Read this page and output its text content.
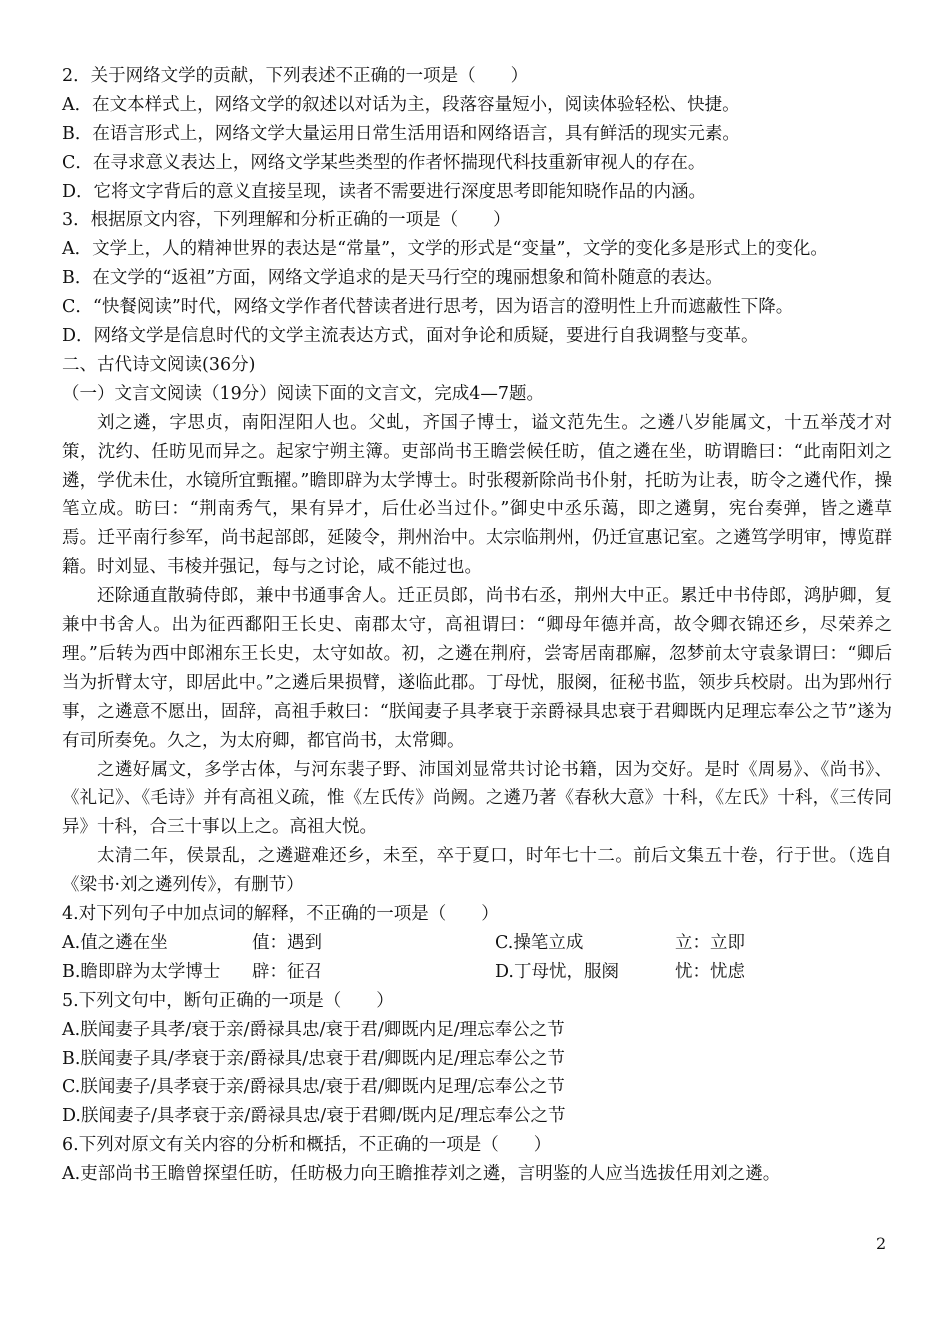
2．关于网络文学的贡献，下列表述不正确的一项是（　　）
A．在文本样式上，网络文学的叙述以对话为主，段落容量短小，阅读体验轻松、快捷。
B．在语言形式上，网络文学大量运用日常生活用语和网络语言，具有鲜活的现实元素。
C．在寻求意义表达上，网络文学某些类型的作者怀揣现代科技重新审视人的存在。
D．它将文字背后的意义直接呈现，读者不需要进行深度思考即能知晓作品的内涵。
3．根据原文内容，下列理解和分析正确的一项是（　　）
A．文学上，人的精神世界的表达是“常量”，文学的形式是“变量”，文学的变化多是形式上的变化。
B．在文学的“返祖”方面，网络文学追求的是天马行空的瑰丽想象和简朴随意的表达。
C．“快餐阅读”时代，网络文学作者代替读者进行思考，因为语言的澄明性上升而遮蔽性下降。
D．网络文学是信息时代的文学主流表达方式，面对争论和质疑，要进行自我调整与变革。
二、古代诗文阅读(36分)
（一）文言文阅读（19分）阅读下面的文言文，完成4—7题。
刘之遴，字思贞，南阳涅阳人也。父虬，齐国子博士，谥文范先生。之遴八岁能属文，十五举茂才对策，沈约、任昉见而异之。起家宁朔主簿。吏部尚书王瞻尝候任昉，值之遴在坐，昉谓瞻曰：“此南阳刘之遴，学优未仕，水镜所宜甄擢。”瞻即辟为太学博士。时张稷新除尚书仆射，托昉为让表，昉令之遴代作，操笔立成。昉曰：“荆南秀气，果有异才，后仕必当过仆。”御史中丞乐蔼，即之遴舅，宪台奏弹，皆之遴草焉。迁平南行参军，尚书起部郎，延陵令，荆州治中。太宗临荆州，仍迁宣惠记室。之遴笃学明审，博览群籍。时刘显、韦棱并强记，每与之讨论，咸不能过也。
还除通直散骑侍郎，兼中书通事舍人。迁正员郎，尚书右丞，荆州大中正。累迁中书侍郎，鸿胪卿，复兼中书舍人。出为征西鄱阳王长史、南郡太守，高祖谓曰：“卿母年德并高，故令卿衣锦还乡，尽荣养之理。”后转为西中郎湘东王长史，太守如故。初，之遴在荆府，尝寄居南郡廨，忽梦前太守袁彖谓曰：“卿后当为折臂太守，即居此中。”之遴后果损臂，遂临此郡。丁母忧，服阕，征秘书监，领步兵校尉。出为郢州行事，之遴意不愿出，固辞，高祖手敕曰：“朕闻妻子具孝衰于亲爵禄具忠衰于君卿既内足理忘奉公之节”遂为有司所奏免。久之，为太府卿，都官尚书，太常卿。
之遴好属文，多学古体，与河东裴子野、沛国刘显常共讨论书籍，因为交好。是时《周易》、《尚书》、《礼记》、《毛诗》并有高祖义疏，惟《左氏传》尚阙。之遴乃著《春秋大意》十科，《左氏》十科，《三传同异》十科，合三十事以上之。高祖大悦。
太清二年，侯景乱，之遴避难还乡，未至，卒于夏口，时年七十二。前后文集五十卷，行于世。（选自《梁书·刘之遴列传》，有删节）
4.对下列句子中加点词的解释，不正确的一项是（　　）
A.值之遴在坐	值：遇到	C.操笔立成	立：立即
B.瞻即辟为太学博士	辟：征召	D.丁母忧，服阕	忧：忧虑
5.下列文句中，断句正确的一项是（　　）
A.朕闻妻子具孝/衰于亲/爵禄具忠/衰于君/卿既内足/理忘奉公之节
B.朕闻妻子具/孝衰于亲/爵禄具/忠衰于君/卿既内足/理忘奉公之节
C.朕闻妻子/具孝衰于亲/爵禄具忠/衰于君/卿既内足理/忘奉公之节
D.朕闻妻子/具孝衰于亲/爵禄具忠/衰于君卿/既内足/理忘奉公之节
6.下列对原文有关内容的分析和概括，不正确的一项是（　　）
A.吏部尚书王瞻曾探望任昉，任昉极力向王瞻推荐刘之遴，言明鉴的人应当选拔任用刘之遴。
2
